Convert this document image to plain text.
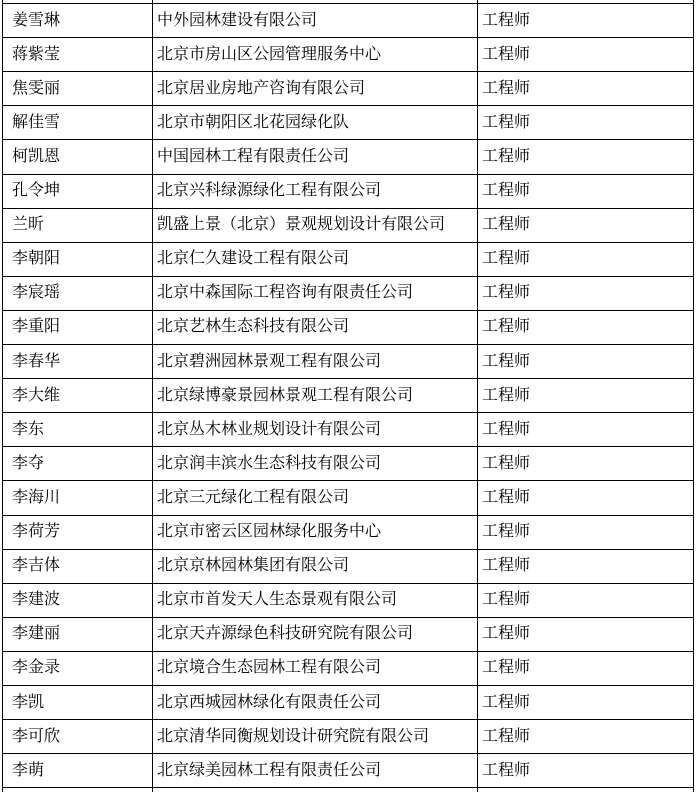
姜雪琳	中外园林建设有限公司	工程师
蒋紫莹	北京市房山区公园管理服务中心	工程师
焦雯丽	北京居业房地产咨询有限公司	工程师
解佳雪	北京市朝阳区北花园绿化队	工程师
柯凯恩	中国园林工程有限责任公司	工程师
孔令坤	北京兴科绿源绿化工程有限公司	工程师
兰昕	凯盛上景（北京）景观规划设计有限公司	工程师
李朝阳	北京仁久建设工程有限公司	工程师
李宸瑶	北京中森国际工程咨询有限责任公司	工程师
李重阳	北京艺林生态科技有限公司	工程师
李春华	北京碧洲园林景观工程有限公司	工程师
李大维	北京绿博豪景园林景观工程有限公司	工程师
李东	北京丛木林业规划设计有限公司	工程师
李夺	北京润丰滨水生态科技有限公司	工程师
李海川	北京三元绿化工程有限公司	工程师
李荷芳	北京市密云区园林绿化服务中心	工程师
李吉体	北京京林园林集团有限公司	工程师
李建波	北京市首发天人生态景观有限公司	工程师
李建丽	北京天卉源绿色科技研究院有限公司	工程师
李金录	北京境合生态园林工程有限公司	工程师
李凯	北京西城园林绿化有限责任公司	工程师
李可欣	北京清华同衡规划设计研究院有限公司	工程师
李萌	北京绿美园林工程有限责任公司	工程师
